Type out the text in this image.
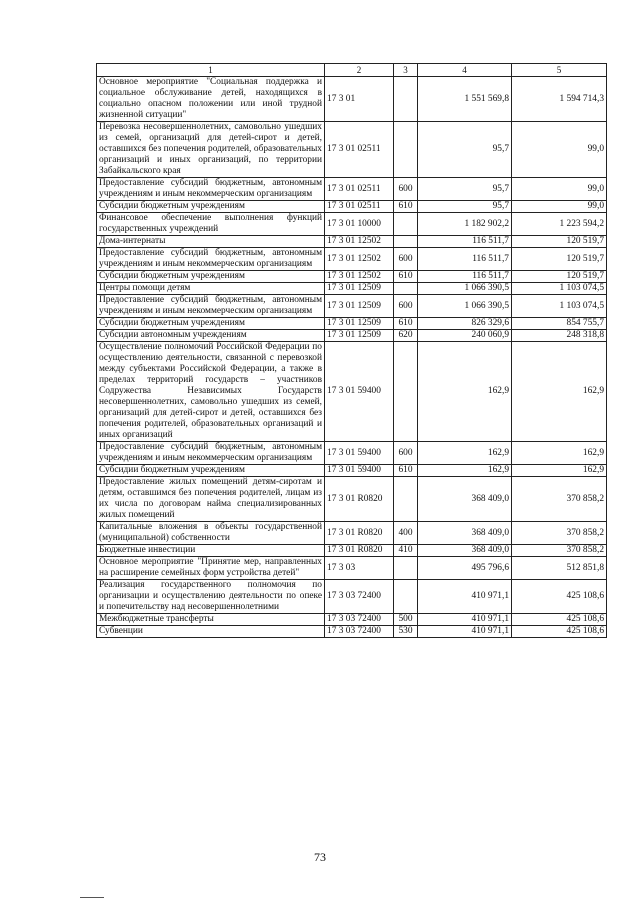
1	2	3	4	5
Основное мероприятие "Социальная поддержка и социальное обслуживание детей, находящихся в социально опасном положении или иной трудной жизненной ситуации"	17 3 01		1 551 569,8	1 594 714,3
Перевозка несовершеннолетних, самовольно ушедших из семей, организаций для детей-сирот и детей, оставшихся без попечения родителей, образовательных организаций и иных организаций, по территории Забайкальского края	17 3 01 02511		95,7	99,0
Предоставление субсидий бюджетным, автономным учреждениям и иным некоммерческим организациям	17 3 01 02511	600	95,7	99,0
Субсидии бюджетным учреждениям	17 3 01 02511	610	95,7	99,0
Финансовое обеспечение выполнения функций государственных учреждений	17 3 01 10000		1 182 902,2	1 223 594,2
Дома-интернаты	17 3 01 12502		116 511,7	120 519,7
Предоставление субсидий бюджетным, автономным учреждениям и иным некоммерческим организациям	17 3 01 12502	600	116 511,7	120 519,7
Субсидии бюджетным учреждениям	17 3 01 12502	610	116 511,7	120 519,7
Центры помощи детям	17 3 01 12509		1 066 390,5	1 103 074,5
Предоставление субсидий бюджетным, автономным учреждениям и иным некоммерческим организациям	17 3 01 12509	600	1 066 390,5	1 103 074,5
Субсидии бюджетным учреждениям	17 3 01 12509	610	826 329,6	854 755,7
Субсидии автономным учреждениям	17 3 01 12509	620	240 060,9	248 318,8
Осуществление полномочий Российской Федерации по осуществлению деятельности, связанной с перевозкой между субъектами Российской Федерации, а также в пределах территорий государств – участников Содружества Независимых Государств несовершеннолетних, самовольно ушедших из семей, организаций для детей-сирот и детей, оставшихся без попечения родителей, образовательных организаций и иных организаций	17 3 01 59400		162,9	162,9
Предоставление субсидий бюджетным, автономным учреждениям и иным некоммерческим организациям	17 3 01 59400	600	162,9	162,9
Субсидии бюджетным учреждениям	17 3 01 59400	610	162,9	162,9
Предоставление жилых помещений детям-сиротам и детям, оставшимся без попечения родителей, лицам из их числа по договорам найма специализированных жилых помещений	17 3 01 R0820		368 409,0	370 858,2
Капитальные вложения в объекты государственной (муниципальной) собственности	17 3 01 R0820	400	368 409,0	370 858,2
Бюджетные инвестиции	17 3 01 R0820	410	368 409,0	370 858,2
Основное мероприятие "Принятие мер, направленных на расширение семейных форм устройства детей"	17 3 03		495 796,6	512 851,8
Реализация государственного полномочия по организации и осуществлению деятельности по опеке и попечительству над несовершеннолетними	17 3 03 72400		410 971,1	425 108,6
Межбюджетные трансферты	17 3 03 72400	500	410 971,1	425 108,6
Субвенции	17 3 03 72400	530	410 971,1	425 108,6
73
